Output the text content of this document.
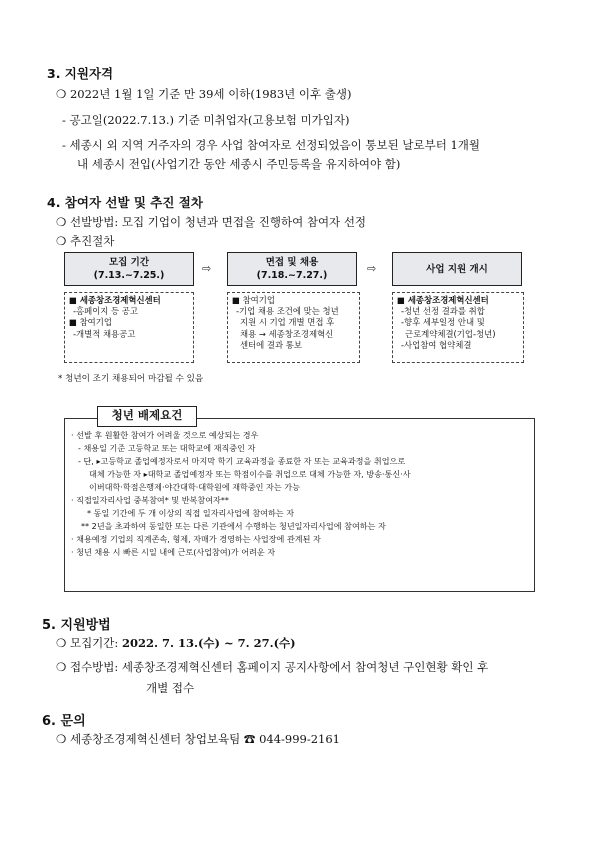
3. 지원자격
❍ 2022년 1월 1일 기준 만 39세 이하(1983년 이후 출생)
- 공고일(2022.7.13.) 기준 미취업자(고용보험 미가입자)
- 세종시 외 지역 거주자의 경우 사업 참여자로 선정되었음이 통보된 날로부터 1개월
내 세종시 전입(사업기간 동안 세종시 주민등록을 유지하여야 함)
4. 참여자 선발 및 추진 절차
❍ 선발방법: 모집 기업이 청년과 면접을 진행하여 참여자 선정
❍ 추진절차
모집 기간
(7.13.~7.25.)
⇨	면접 및 채용
(7.18.~7.27.)
⇨	사업 지원 개시
■ 세종창조경제혁신센터
-홈페이지 등 공고
■ 참여기업
-개별적 채용공고
■ 참여기업
-기업 채용 조건에 맞는 청년
지원 시 기업 개별 면접 후
채용 → 세종창조경제혁신
센터에 결과 통보
■ 세종창조경제혁신센터
-청년 선정 결과를 취합
-향후 세부일정 안내 및
근로계약체결(기업-청년)
-사업참여 협약체결
* 청년이 조기 채용되어 마감될 수 있음
청년 배제요건
· 선발 후 원활한 참여가 어려울 것으로 예상되는 경우
- 채용일 기준 고등학교 또는 대학교에 재직중인 자
- 단, ▸고등학교 졸업예정자로서 마지막 학기 교육과정을 종료한 자 또는 교육과정을 취업으로
대체 가능한 자 ▸대학교 졸업예정자 또는 학점이수를 취업으로 대체 가능한 자, 방송·통신·사
이버대학·학점은행제·야간대학·대학원에 재학중인 자는 가능
· 직접일자리사업 중복참여* 및 반복참여자**
* 동일 기간에 두 개 이상의 직접 일자리사업에 참여하는 자
** 2년을 초과하여 동일한 또는 다른 기관에서 수행하는 청년일자리사업에 참여하는 자
· 채용예정 기업의 직계존속, 형제, 자매가 경영하는 사업장에 관계된 자
· 청년 채용 시 빠른 시일 내에 근로(사업참여)가 어려운 자
5. 지원방법
❍ 모집기간: 2022. 7. 13.(수) ~ 7. 27.(수)
❍ 접수방법: 세종창조경제혁신센터 홈페이지 공지사항에서 참여청년 구인현황 확인 후
개별 접수
6. 문의
❍ 세종창조경제혁신센터 창업보육팀 ☎ 044-999-2161
